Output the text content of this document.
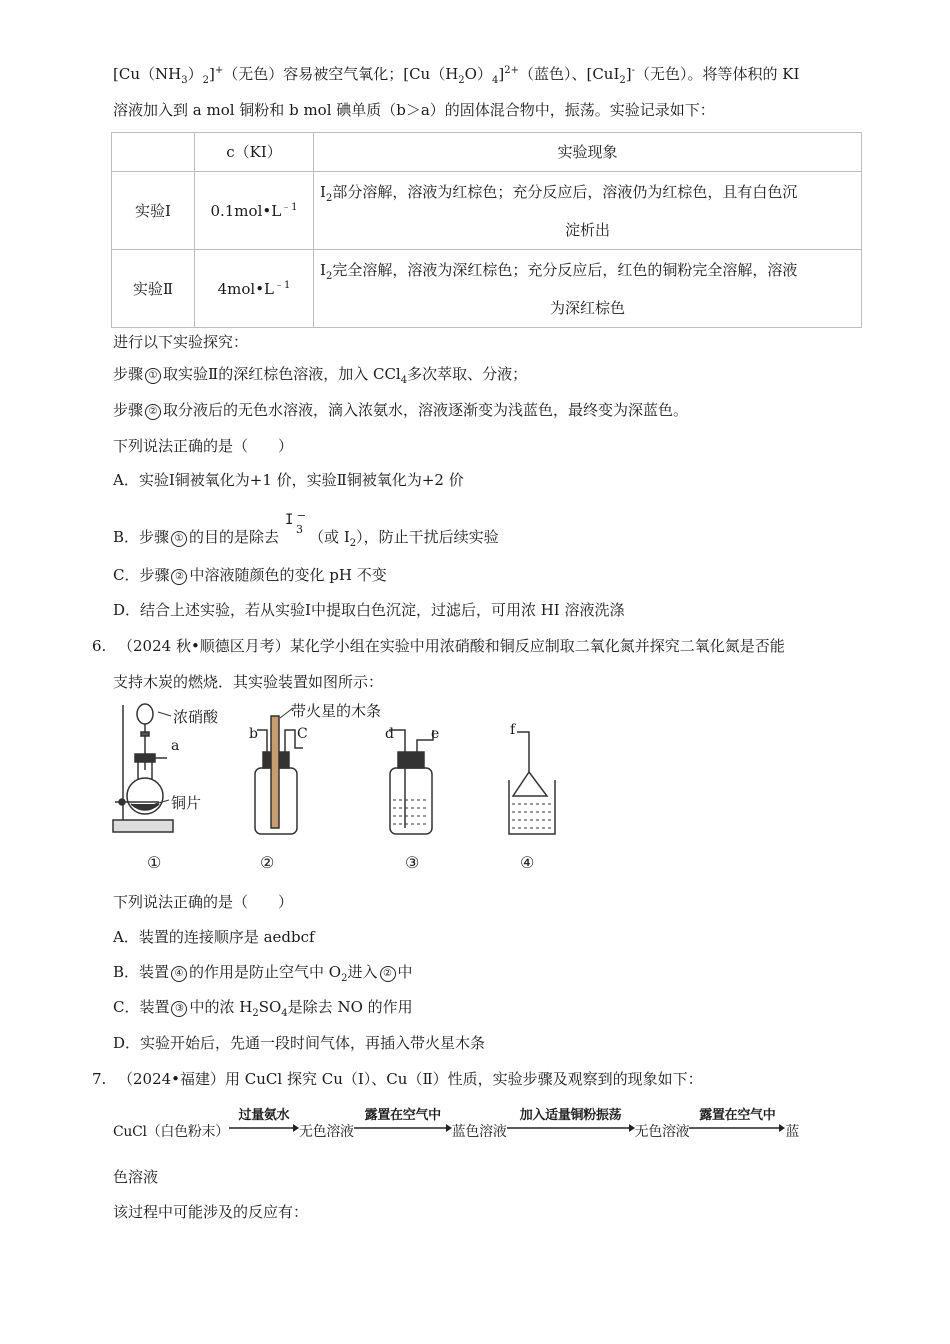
$[Cu(NH_3)_2]^+$（无色）容易被空气氧化；$[Cu(H_2O)_4]^{2+}$（蓝色）、[CuI$_2$]-（无色）。将等体积的 KI
溶液加入到 a mol 铜粉和 b mol 碘单质（b＞a）的固体混合物中，振荡。实验记录如下：
	c（KI）	实验现象
实验Ⅰ	$0.1mol•L^{﹣1}$	$I_2$部分溶解，溶液为红棕色；充分反应后，溶液仍为红棕色，且有白色沉
淀析出

实验Ⅱ	$4mol•L^{﹣1}$	$I_2$完全溶解，溶液为深红棕色；充分反应后，红色的铜粉完全溶解，溶液
为深红棕色
进行以下实验探究：
步骤 ① 取实验Ⅱ的深红棕色溶液，加入 CCl$_4$多次萃取、分液；
步骤 ② 取分液后的无色水溶液，滴入浓氨水，溶液逐渐变为浅蓝色，最终变为深蓝色。
下列说法正确的是（　　）
A．实验Ⅰ铜被氧化为+1 价，实验Ⅱ铜被氧化为+2 价
B．步骤 ① 的目的是除去
I −
3 （或 $I_2$），防止干扰后续实验
C．步骤 ② 中溶液随颜色的变化 pH 不变
D．结合上述实验，若从实验Ⅰ中提取白色沉淀，过滤后，可用浓 HI 溶液洗涤
6. （2024 秋•顺德区月考）某化学小组在实验中用浓硝酸和铜反应制取二氧化氮并探究二氧化氮是否能
支持木炭的燃烧．其实验装置如图所示：
浓硝酸
a
铜片
b	C
带火星的木条
d	e	f
①	②	③	④
下列说法正确的是（　　）
A．装置的连接顺序是 aedbcf
B．装置 ④ 的作用是防止空气中 $O_2$进入 ② 中
C．装置 ③ 中的浓 $H_2SO_4$是除去 NO 的作用
D．实验开始后，先通一段时间气体，再插入带火星木条
7. （2024•福建）用 CuCl 探究 Cu（Ⅰ）、Cu（Ⅱ）性质，实验步骤及观察到的现象如下：
CuCl（白色粉末）
过量氨水
无色溶液
露置在空气中
蓝色溶液
加入适量铜粉振荡
无色溶液
露置在空气中
蓝
色溶液
该过程中可能涉及的反应有：
